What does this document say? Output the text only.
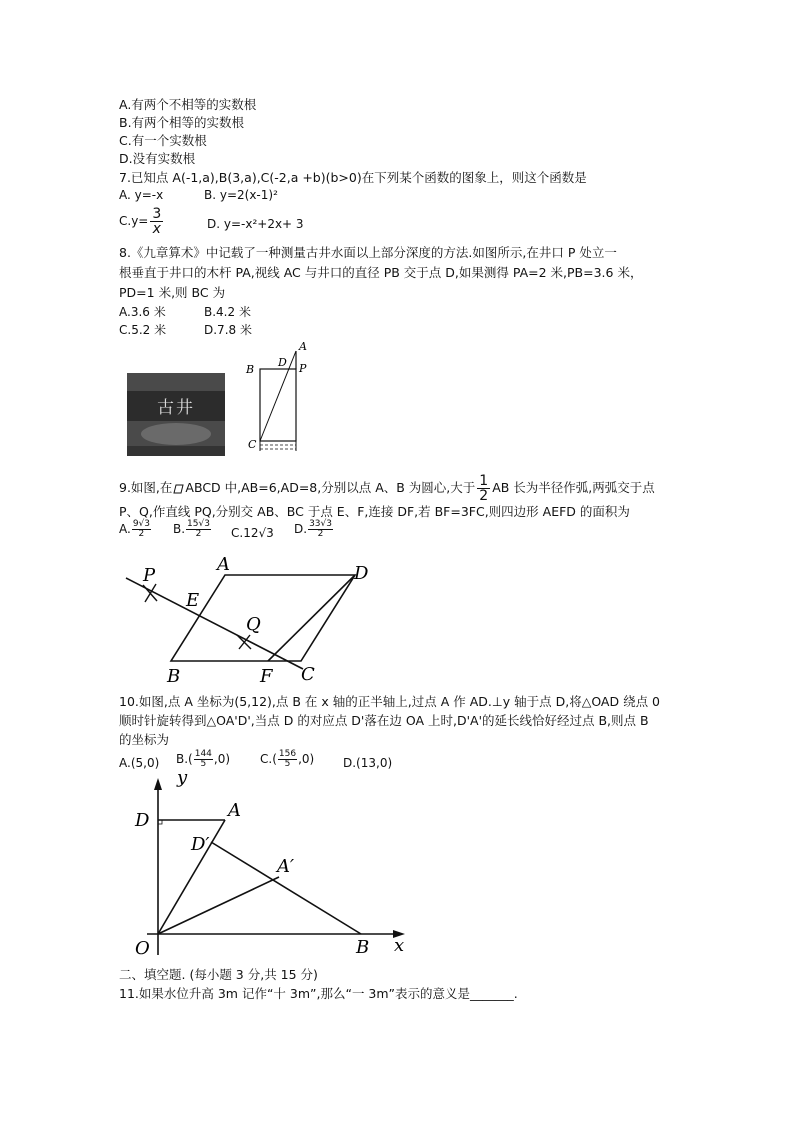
A.有两个不相等的实数根
B.有两个相等的实数根
C.有一个实数根
D.没有实数根
7.已知点 A(-1,a),B(3,a),C(-2,a +b)(b>0)在下列某个函数的图象上，则这个函数是
A. y=-x	B. y=2(x-1)²
$C.y= \frac{3}{x}$	D. y=-x²+2x+ 3
8.《九章算术》中记载了一种测量古井水面以上部分深度的方法.如图所示,在井口 P 处立一
根垂直于井口的木杆 PA,视线 AC 与井口的直径 PB 交于点 D,如果测得 PA=2 米,PB=3.6 米，
PD=1 米,则 BC 为
A.3.6 米	B.4.2 米
C.5.2 米	D.7.8 米
古井
B
D
A
P
C
9.如图,在 ABCD 中,AB=6,AD=8,分别以点 A、B 为圆心,大于 $\frac{1}{2}$ AB 长为半径作弧,两弧交于点
P、Q,作直线 PQ,分别交 AB、BC 于点 E、F,连接 DF,若 BF=3FC,则四边形 AEFD 的面积为
A. $\frac{9√3}{2} B$. $\frac{15√3}{2} C.12√3$ D. $\frac{33√3}{2}$
P
A	D
E
Q
B	F C
10.如图,点 A 坐标为(5,12),点 B 在 x 轴的正半轴上,过点 A 作 AD.⊥y 轴于点 D,将△OAD 绕点 0
顺时针旋转得到△OA'D',当点 D 的对应点 D'落在边 OA 上时,D'A'的延长线恰好经过点 B,则点 B
的坐标为
A.(5,0) $B.( \frac{144}{5} ,0)$ $C.( \frac{156}{5} ,0)$ D.(13,0)
y
D	A
D′
A′
O	B x
二、填空题. (每小题 3 分,共 15 分)
11.如果水位升高 3m 记作“十 3m”,那么“一 3m”表示的意义是_______.
